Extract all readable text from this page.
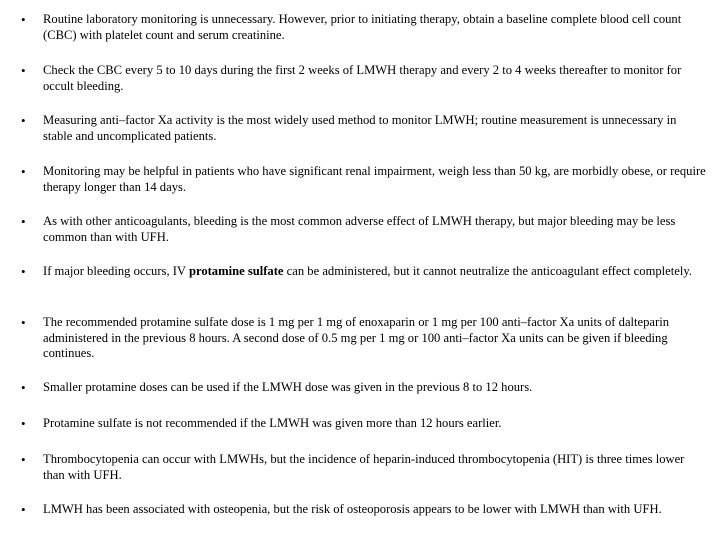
• Routine laboratory monitoring is unnecessary. However, prior to initiating therapy, obtain a baseline complete blood cell count (CBC) with platelet count and serum creatinine.
• Check the CBC every 5 to 10 days during the first 2 weeks of LMWH therapy and every 2 to 4 weeks thereafter to monitor for occult bleeding.
• Measuring anti–factor Xa activity is the most widely used method to monitor LMWH; routine measurement is unnecessary in stable and uncomplicated patients.
• Monitoring may be helpful in patients who have significant renal impairment, weigh less than 50 kg, are morbidly obese, or require therapy longer than 14 days.
• As with other anticoagulants, bleeding is the most common adverse effect of LMWH therapy, but major bleeding may be less common than with UFH.
• If major bleeding occurs, IV protamine sulfate can be administered, but it cannot neutralize the anticoagulant effect completely.
• The recommended protamine sulfate dose is 1 mg per 1 mg of enoxaparin or 1 mg per 100 anti–factor Xa units of dalteparin administered in the previous 8 hours. A second dose of 0.5 mg per 1 mg or 100 anti–factor Xa units can be given if bleeding continues.
• Smaller protamine doses can be used if the LMWH dose was given in the previous 8 to 12 hours.
• Protamine sulfate is not recommended if the LMWH was given more than 12 hours earlier.
• Thrombocytopenia can occur with LMWHs, but the incidence of heparin-induced thrombocytopenia (HIT) is three times lower than with UFH.
• LMWH has been associated with osteopenia, but the risk of osteoporosis appears to be lower with LMWH than with UFH.
